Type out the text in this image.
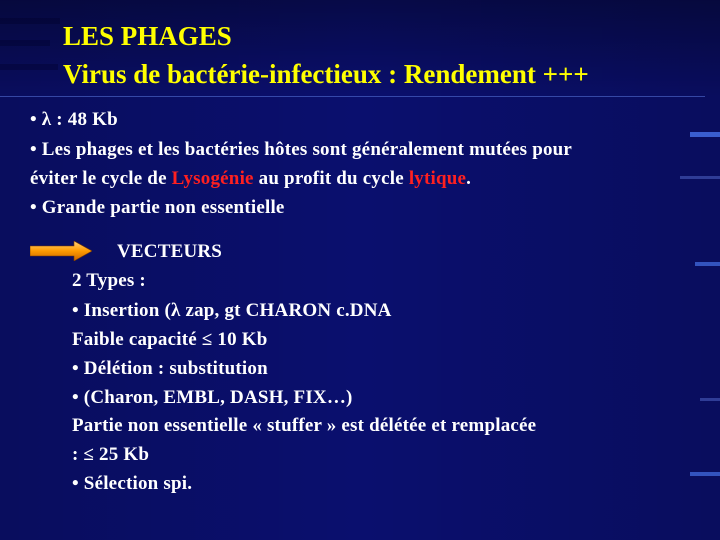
LES PHAGES
Virus de bactérie-infectieux : Rendement +++
• λ : 48 Kb
• Les phages et les bactéries hôtes sont généralement mutées pour
éviter le cycle de Lysogénie au profit du cycle lytique.
• Grande partie non essentielle
VECTEURS
2 Types :
• Insertion (λ zap, gt CHARON c.DNA
Faible capacité ≤ 10 Kb
• Délétion : substitution
• (Charon, EMBL, DASH, FIX…)
Partie non essentielle « stuffer » est délétée et remplacée
: ≤ 25 Kb
• Sélection spi.
